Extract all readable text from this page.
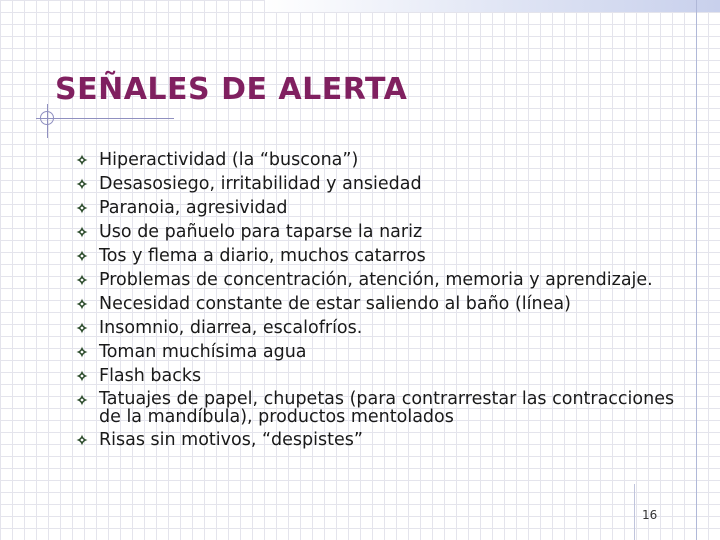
SEÑALES DE ALERTA
Hiperactividad (la “buscona”)
Desasosiego, irritabilidad y ansiedad
Paranoia, agresividad
Uso de pañuelo para taparse la nariz
Tos y flema a diario, muchos catarros
Problemas de concentración, atención, memoria y aprendizaje.
Necesidad constante de estar saliendo al baño (línea)
Insomnio, diarrea, escalofríos.
Toman muchísima agua
Flash backs
Tatuajes de papel, chupetas (para contrarrestar las contracciones de la mandíbula), productos mentolados
Risas sin motivos, “despistes”
16
